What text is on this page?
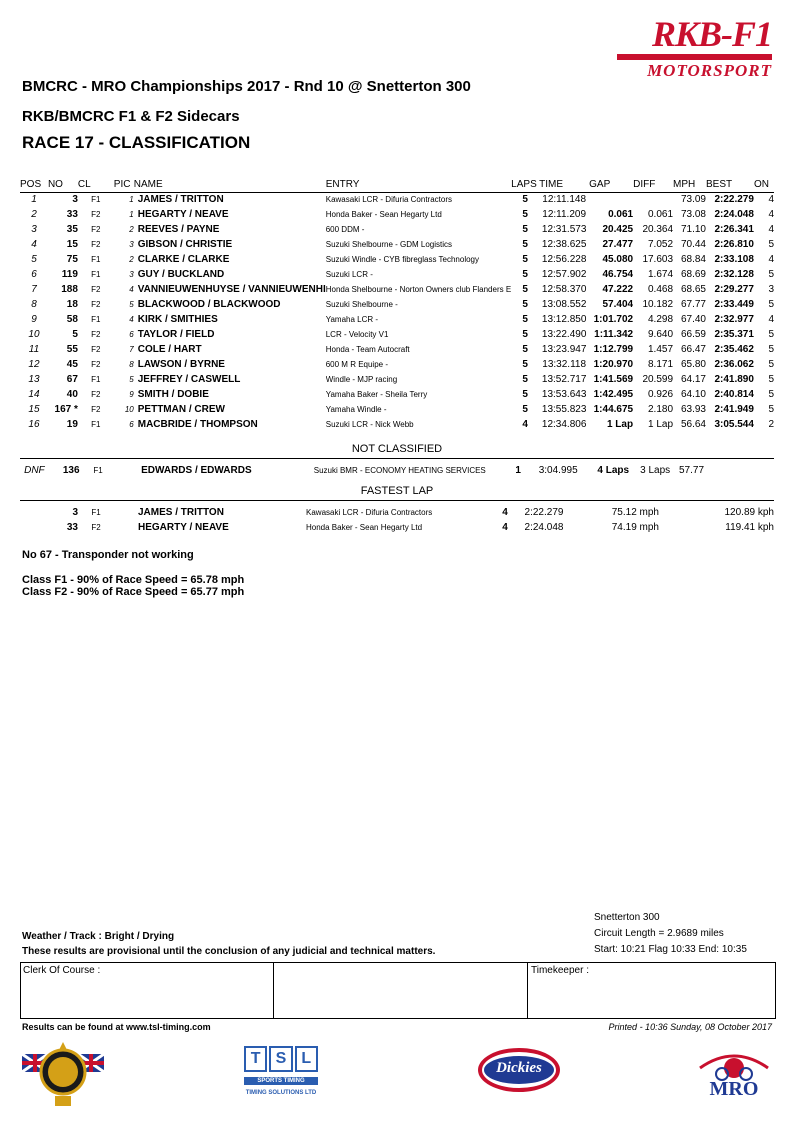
RKB-F1
MOTORSPORT
BMCRC - MRO Championships 2017 - Rnd 10 @ Snetterton 300
RKB/BMCRC F1 & F2 Sidecars
RACE 17 - CLASSIFICATION
POS	NO	CL	PIC	NAME	ENTRY	LAPS	TIME	GAP	DIFF	MPH	BEST	ON
1	3	F1	1	JAMES / TRITTON	Kawasaki LCR - Difuria Contractors	5	12:11.148			73.09	2:22.279	4
2	33	F2	1	HEGARTY / NEAVE	Honda Baker - Sean Hegarty Ltd	5	12:11.209	0.061	0.061	73.08	2:24.048	4
3	35	F2	2	REEVES / PAYNE	600 DDM -	5	12:31.573	20.425	20.364	71.10	2:26.341	4
4	15	F2	3	GIBSON / CHRISTIE	Suzuki Shelbourne - GDM Logistics	5	12:38.625	27.477	7.052	70.44	2:26.810	5
5	75	F1	2	CLARKE / CLARKE	Suzuki Windle - CYB fibreglass Technology	5	12:56.228	45.080	17.603	68.84	2:33.108	4
6	119	F1	3	GUY / BUCKLAND	Suzuki LCR -	5	12:57.902	46.754	1.674	68.69	2:32.128	5
7	188	F2	4	VANNIEUWENHUYSE / VANNIEUWENHI	Honda Shelbourne - Norton Owners club Flanders E	5	12:58.370	47.222	0.468	68.65	2:29.277	3
8	18	F2	5	BLACKWOOD / BLACKWOOD	Suzuki Shelbourne -	5	13:08.552	57.404	10.182	67.77	2:33.449	5
9	58	F1	4	KIRK / SMITHIES	Yamaha LCR -	5	13:12.850	1:01.702	4.298	67.40	2:32.977	4
10	5	F2	6	TAYLOR / FIELD	LCR - Velocity V1	5	13:22.490	1:11.342	9.640	66.59	2:35.371	5
11	55	F2	7	COLE / HART	Honda - Team Autocraft	5	13:23.947	1:12.799	1.457	66.47	2:35.462	5
12	45	F2	8	LAWSON / BYRNE	600 M R Equipe -	5	13:32.118	1:20.970	8.171	65.80	2:36.062	5
13	67	F1	5	JEFFREY / CASWELL	Windle - MJP racing	5	13:52.717	1:41.569	20.599	64.17	2:41.890	5
14	40	F2	9	SMITH / DOBIE	Yamaha Baker - Sheila Terry	5	13:53.643	1:42.495	0.926	64.10	2:40.814	5
15	167 *	F2	10	PETTMAN / CREW	Yamaha Windle -	5	13:55.823	1:44.675	2.180	63.93	2:41.949	5
16	19	F1	6	MACBRIDE / THOMPSON	Suzuki LCR - Nick Webb	4	12:34.806	1 Lap	1 Lap	56.64	3:05.544	2
NOT CLASSIFIED
DNF	136	F1		EDWARDS / EDWARDS	Suzuki BMR - ECONOMY HEATING SERVICES	1	3:04.995	4 Laps	3 Laps	57.77		
FASTEST LAP
	3	F1		JAMES / TRITTON	Kawasaki LCR - Difuria Contractors	4	2:22.279	75.12 mph	120.89 kph
	33	F2		HEGARTY / NEAVE	Honda Baker - Sean Hegarty Ltd	4	2:24.048	74.19 mph	119.41 kph
No 67 - Transponder not working
Class F1 - 90% of Race Speed = 65.78 mph
Class F2 - 90% of Race Speed = 65.77 mph
Snetterton 300
Circuit Length = 2.9689 miles
Start: 10:21 Flag 10:33 End: 10:35
Weather / Track : Bright / Drying
These results are provisional until the conclusion of any judicial and technical matters.
Clerk Of Course :	Timekeeper :
Results can be found at www.tsl-timing.com	Printed - 10:36 Sunday, 08 October 2017
T S L
SPORTS TIMING
TIMING SOLUTIONS LTD
Dickies
MRO
